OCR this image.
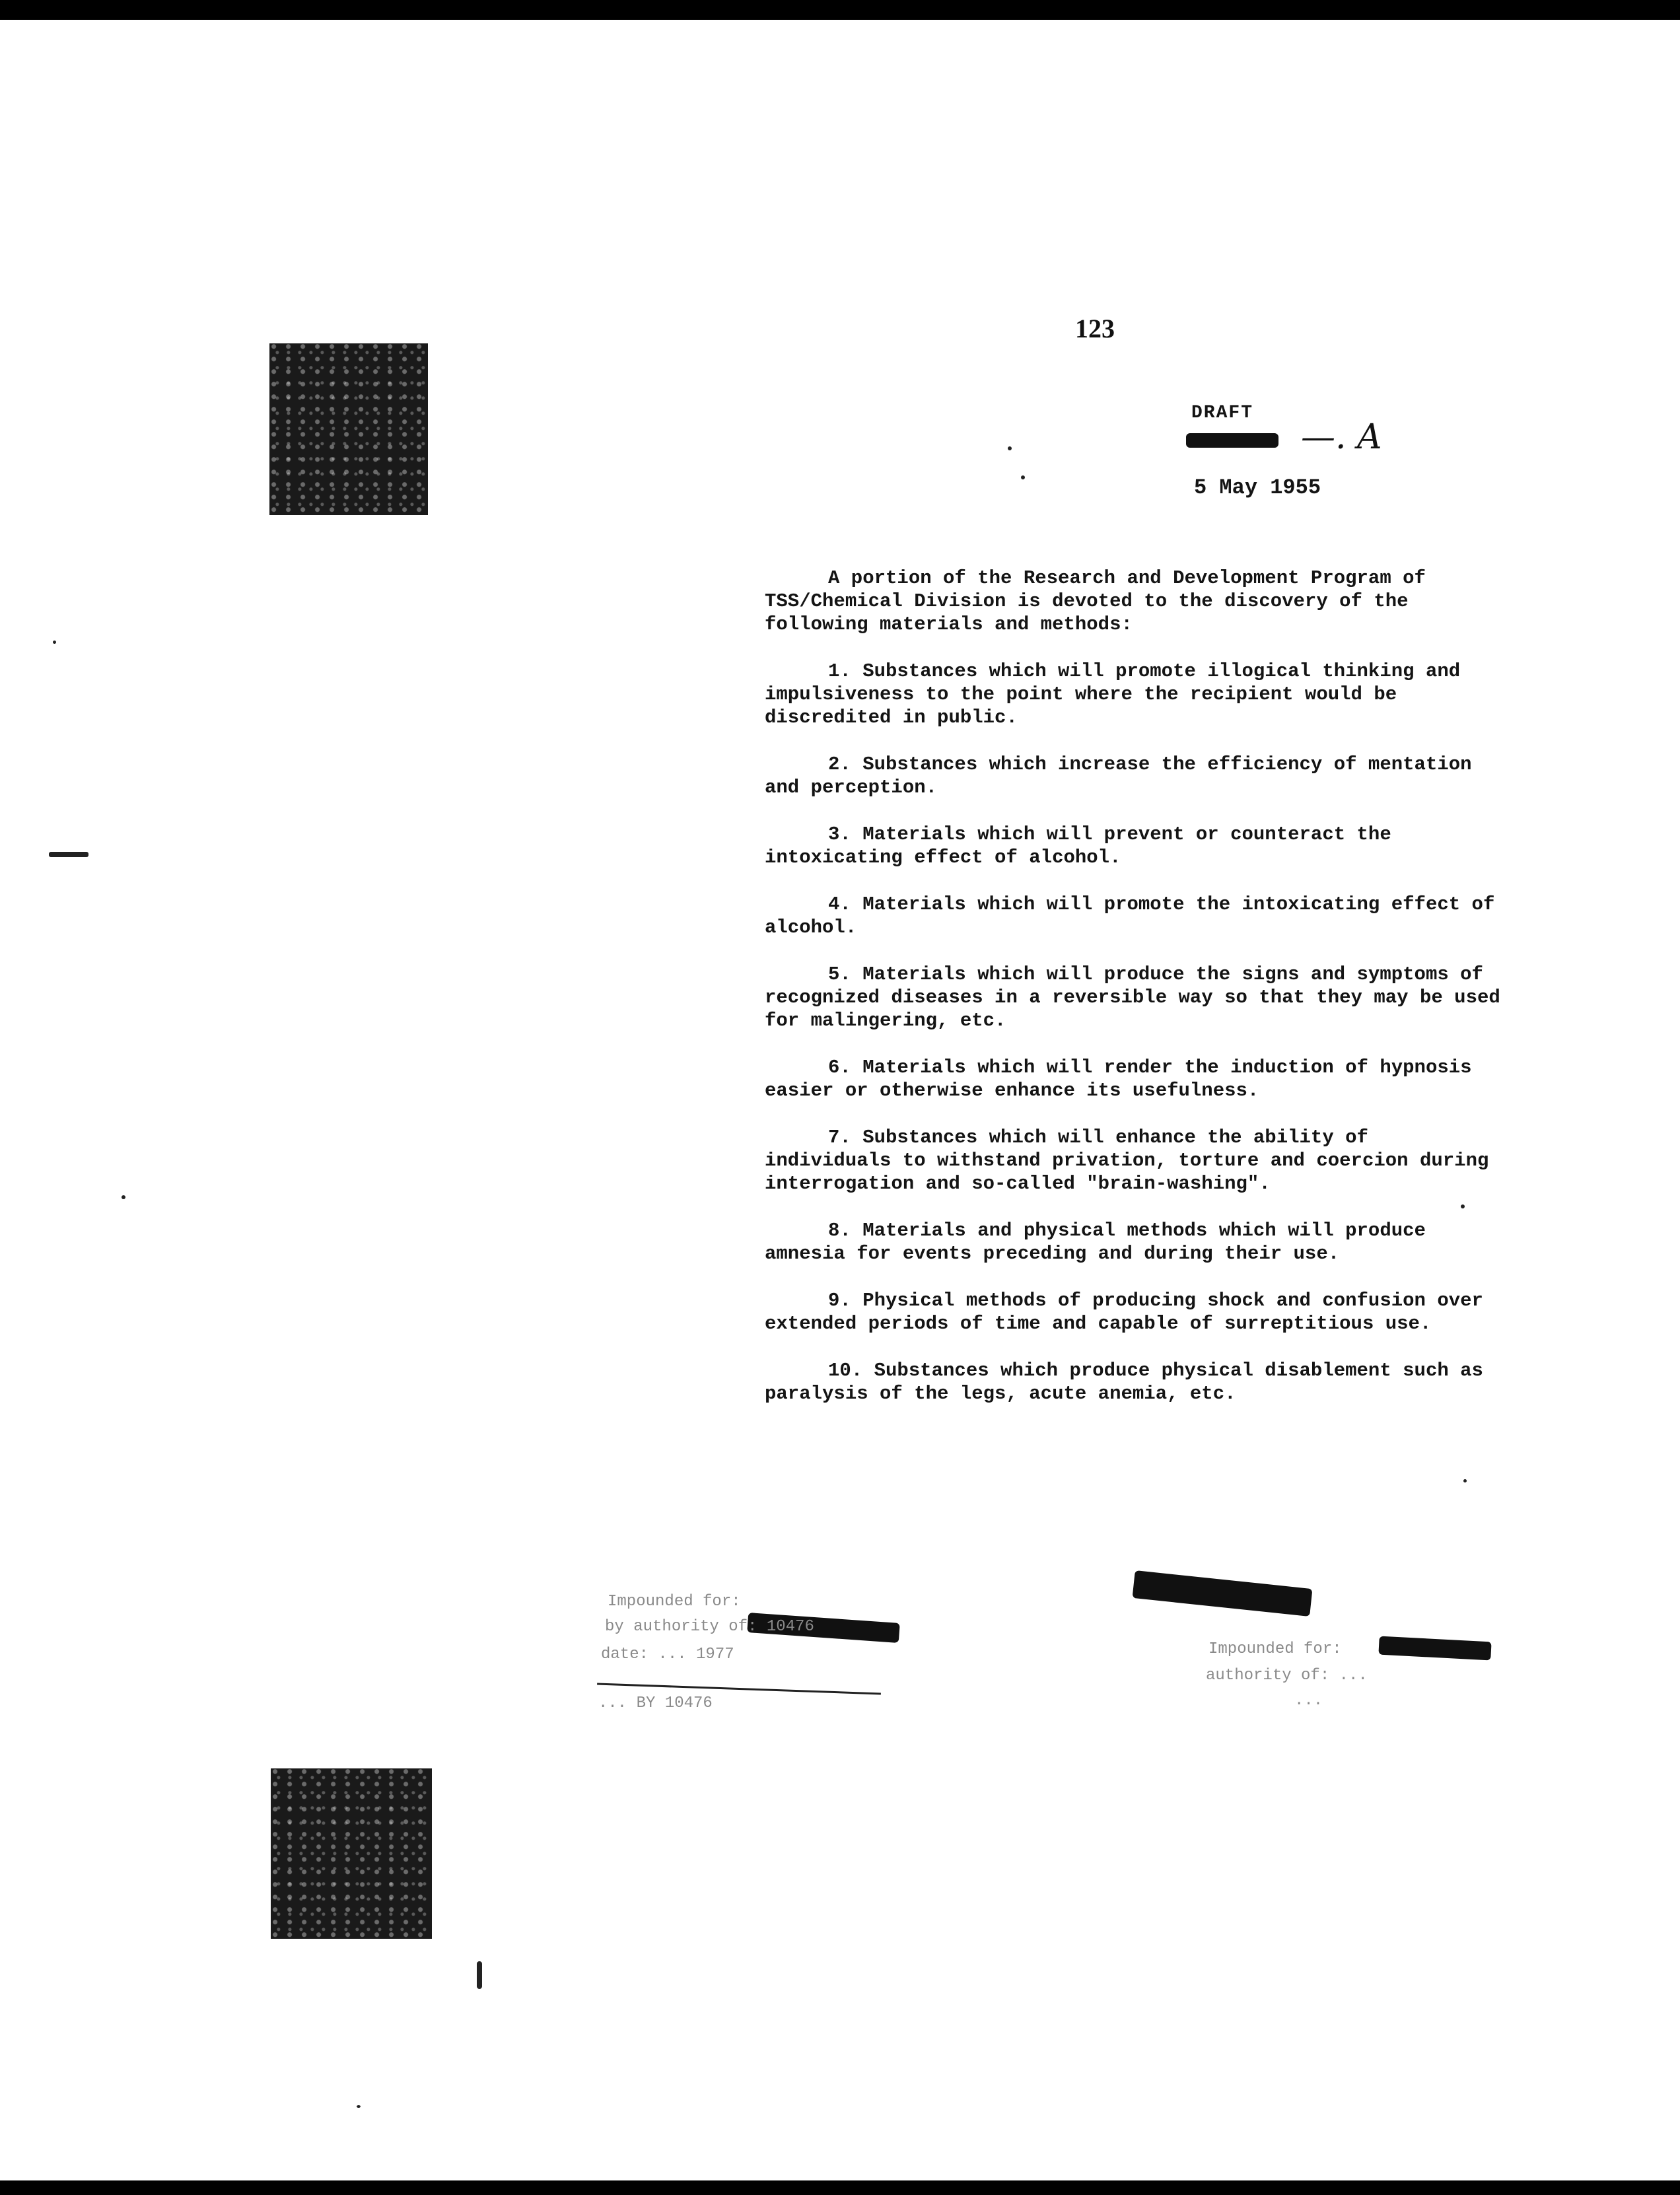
123
DRAFT
—. A
5 May 1955

A portion of the Research and Development Program of TSS/Chemical Division is devoted to the discovery of the following materials and methods:

1. Substances which will promote illogical thinking and impulsiveness to the point where the recipient would be discredited in public.

2. Substances which increase the efficiency of mentation and perception.

3. Materials which will prevent or counteract the intoxicating effect of alcohol.

4. Materials which will promote the intoxicating effect of alcohol.

5. Materials which will produce the signs and symptoms of recognized diseases in a reversible way so that they may be used for malingering, etc.

6. Materials which will render the induction of hypnosis easier or otherwise enhance its usefulness.

7. Substances which will enhance the ability of individuals to withstand privation, torture and coercion during interrogation and so-called "brain-washing".

8. Materials and physical methods which will produce amnesia for events preceding and during their use.

9. Physical methods of producing shock and confusion over extended periods of time and capable of surreptitious use.

10. Substances which produce physical disablement such as paralysis of the legs, acute anemia, etc.

Impounded for:
by authority of: 10476
date: ... 1977
... BY 10476
Impounded for:
authority of: ...
...
